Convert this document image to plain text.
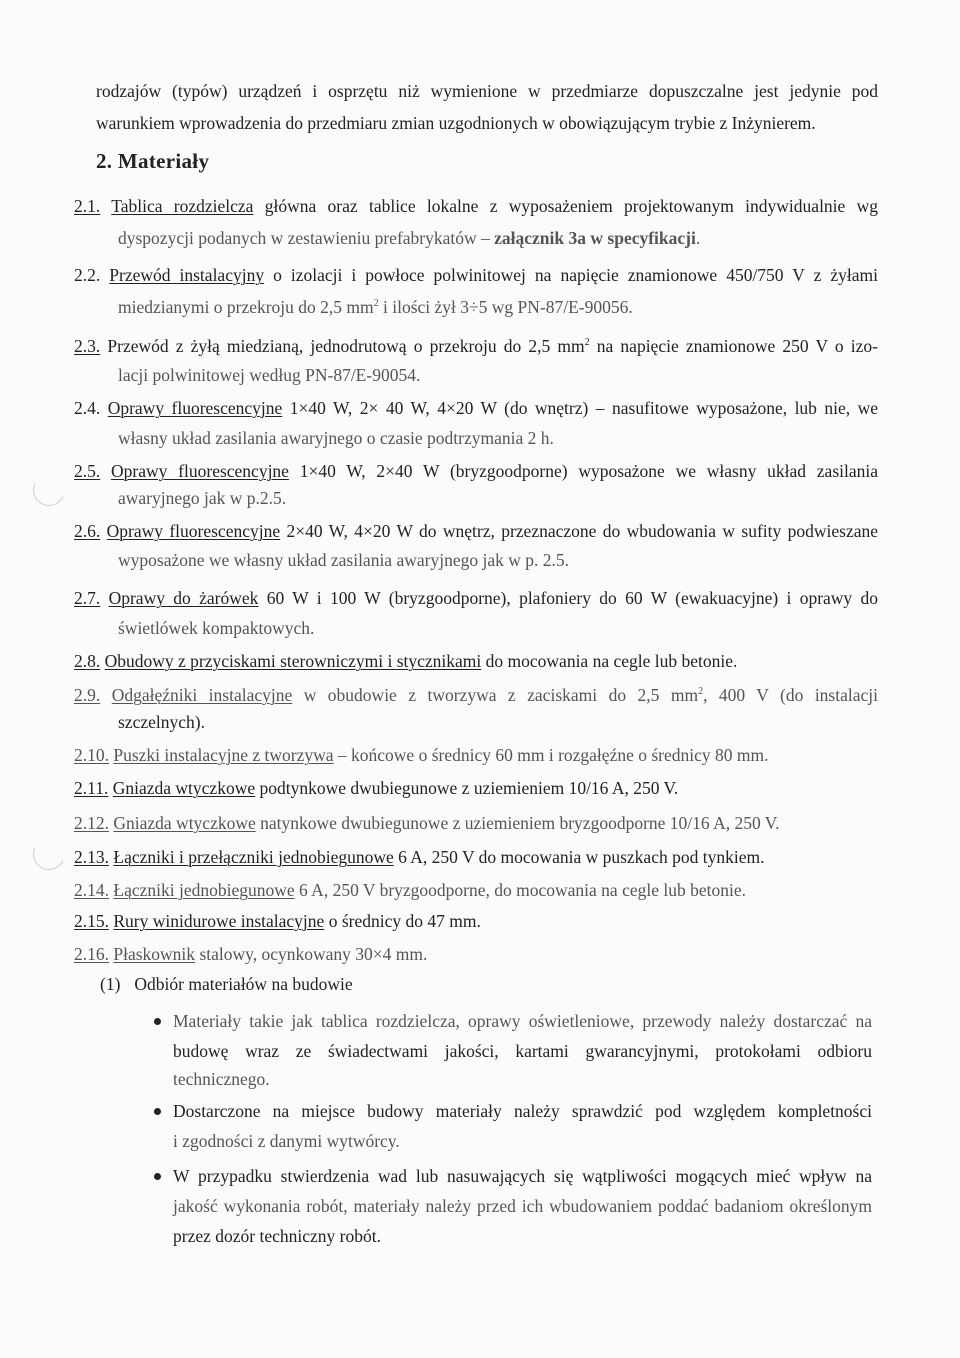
rodzajów (typów) urządzeń i osprzętu niż wymienione w przedmiarze dopuszczalne jest jedynie pod
warunkiem wprowadzenia do przedmiaru zmian uzgodnionych w obowiązującym trybie z Inżynierem.
2. Materiały
2.1. Tablica rozdzielcza główna oraz tablice lokalne z wyposażeniem projektowanym indywidualnie wg
dyspozycji podanych w zestawieniu prefabrykatów – załącznik 3a w specyfikacji.
2.2. Przewód instalacyjny o izolacji i powłoce polwinitowej na napięcie znamionowe 450/750 V z żyłami
miedzianymi o przekroju do 2,5 $mm^2$ i ilości żył 3÷5 wg PN-87/E-90056.
2.3. Przewód z żyłą miedzianą, jednodrutową o przekroju do 2,5 $mm^2$ na napięcie znamionowe 250 V o izo-
lacji polwinitowej według PN-87/E-90054.
2.4. Oprawy fluorescencyjne 1×40 W, 2× 40 W, 4×20 W (do wnętrz) – nasufitowe wyposażone, lub nie, we
własny układ zasilania awaryjnego o czasie podtrzymania 2 h.
2.5. Oprawy fluorescencyjne 1×40 W, 2×40 W (bryzgoodporne) wyposażone we własny układ zasilania
awaryjnego jak w p.2.5.
2.6. Oprawy fluorescencyjne 2×40 W, 4×20 W do wnętrz, przeznaczone do wbudowania w sufity podwieszane
wyposażone we własny układ zasilania awaryjnego jak w p. 2.5.
2.7. Oprawy do żarówek 60 W i 100 W (bryzgoodporne), plafoniery do 60 W (ewakuacyjne) i oprawy do
świetlówek kompaktowych.
2.8. Obudowy z przyciskami sterowniczymi i stycznikami do mocowania na cegle lub betonie.
2.9. Odgałęźniki instalacyjne w obudowie z tworzywa z zaciskami do 2,5 $mm^2$, 400 V (do instalacji
szczelnych).
2.10. Puszki instalacyjne z tworzywa – końcowe o średnicy 60 mm i rozgałęźne o średnicy 80 mm.
2.11. Gniazda wtyczkowe podtynkowe dwubiegunowe z uziemieniem 10/16 A, 250 V.
2.12. Gniazda wtyczkowe natynkowe dwubiegunowe z uziemieniem bryzgoodporne 10/16 A, 250 V.
2.13. Łączniki i przełączniki jednobiegunowe 6 A, 250 V do mocowania w puszkach pod tynkiem.
2.14. Łączniki jednobiegunowe 6 A, 250 V bryzgoodporne, do mocowania na cegle lub betonie.
2.15. Rury winidurowe instalacyjne o średnicy do 47 mm.
2.16. Płaskownik stalowy, ocynkowany 30×4 mm.
(1) Odbiór materiałów na budowie
Materiały takie jak tablica rozdzielcza, oprawy oświetleniowe, przewody należy dostarczać na
budowę wraz ze świadectwami jakości, kartami gwarancyjnymi, protokołami odbioru
technicznego.
Dostarczone na miejsce budowy materiały należy sprawdzić pod względem kompletności
i zgodności z danymi wytwórcy.
W przypadku stwierdzenia wad lub nasuwających się wątpliwości mogących mieć wpływ na
jakość wykonania robót, materiały należy przed ich wbudowaniem poddać badaniom określonym
przez dozór techniczny robót.
